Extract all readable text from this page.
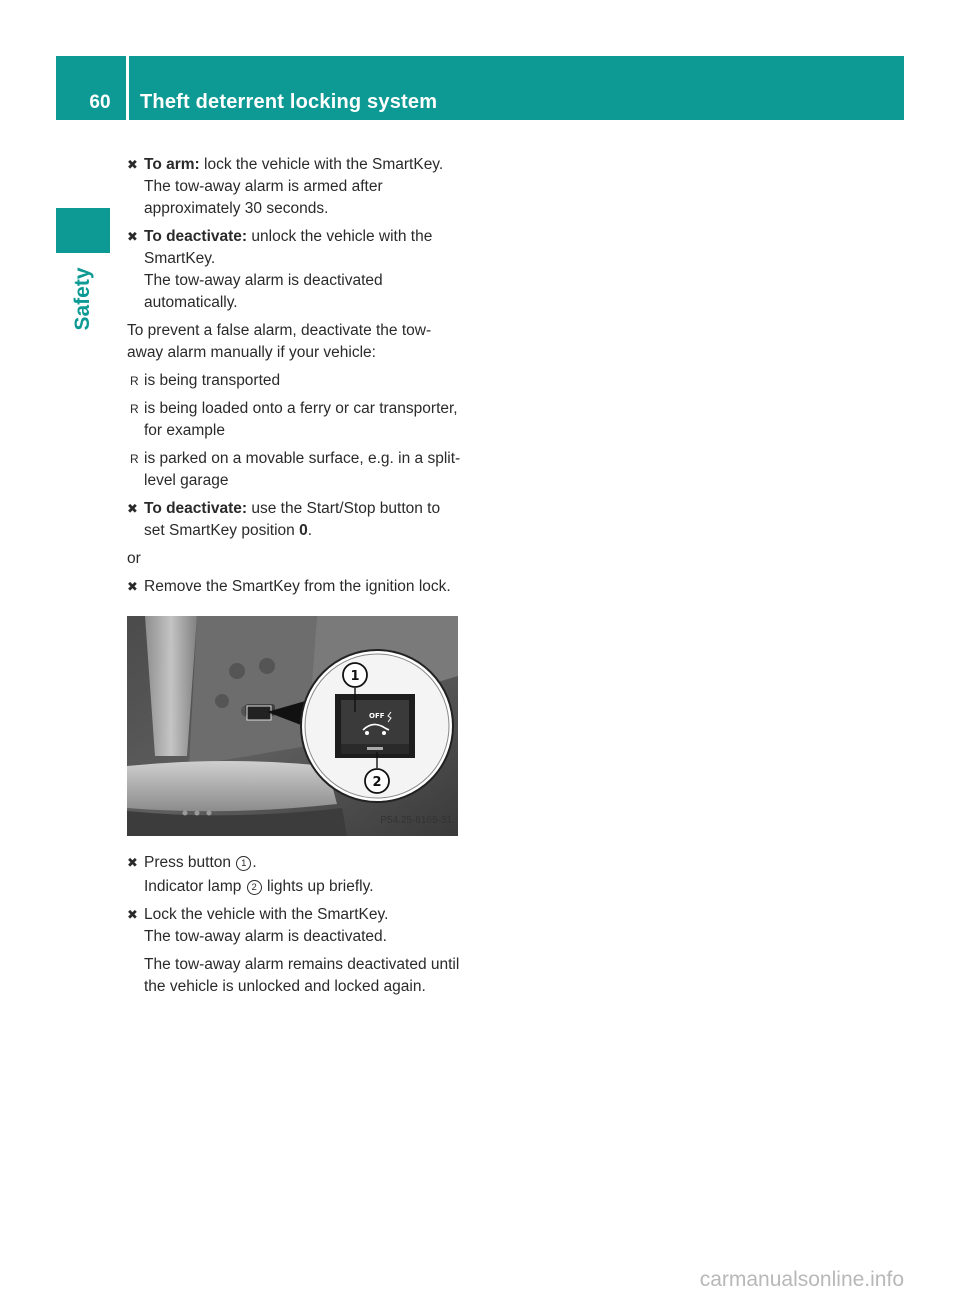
60	Theft deterrent locking system
Safety
✖ To arm: lock the vehicle with the SmartKey.
The tow-away alarm is armed after approximately 30 seconds.
✖ To deactivate: unlock the vehicle with the SmartKey.
The tow-away alarm is deactivated automatically.
To prevent a false alarm, deactivate the tow-away alarm manually if your vehicle:
R is being transported
R is being loaded onto a ferry or car transporter, for example
R is parked on a movable surface, e.g. in a split-level garage
✖ To deactivate: use the Start/Stop button to set SmartKey position 0.
or
✖ Remove the SmartKey from the ignition lock.
OFF
1
2
P54.25-8165-31
✖ Press button 1 .
Indicator lamp 2 lights up briefly.
✖ Lock the vehicle with the SmartKey.
The tow-away alarm is deactivated.
The tow-away alarm remains deactivated until the vehicle is unlocked and locked again.
carmanualsonline.info
